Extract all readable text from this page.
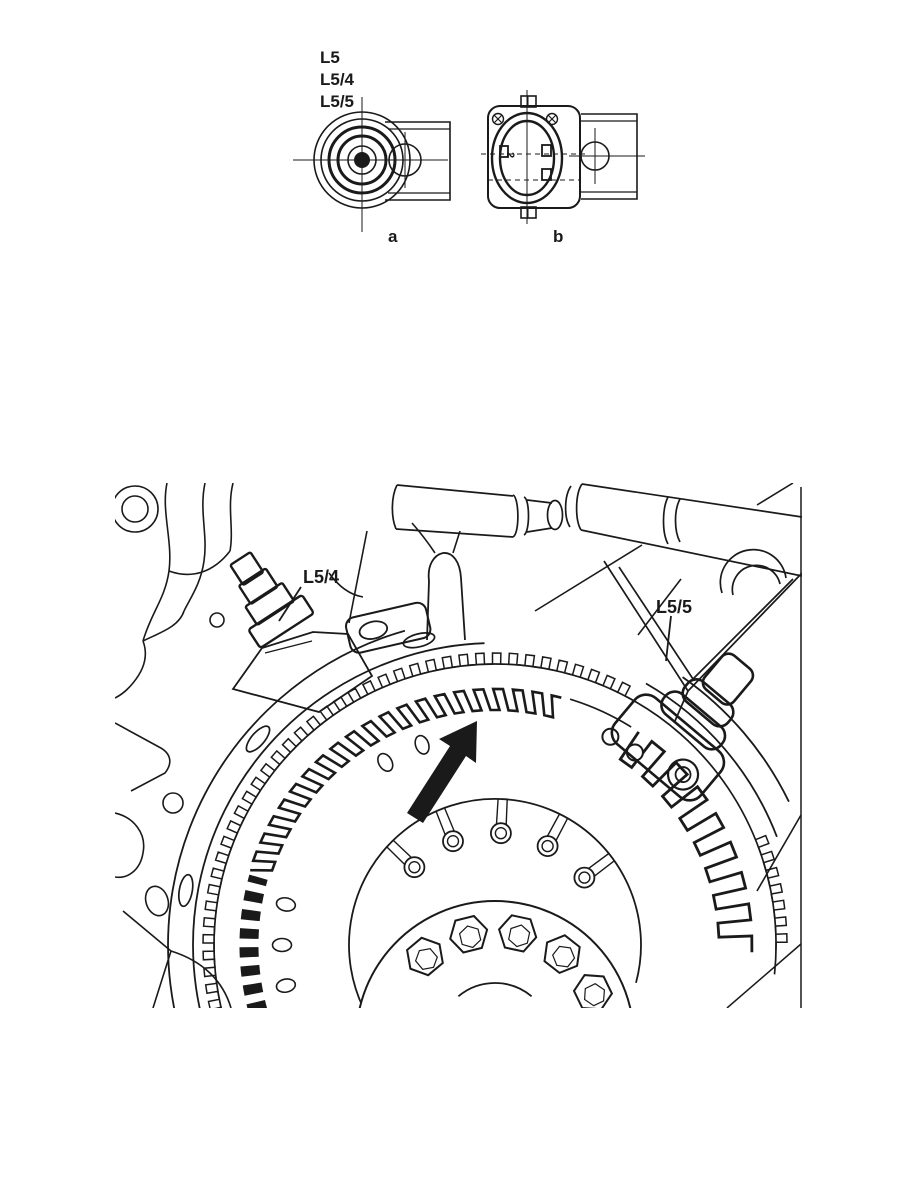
L5
L5/4
L5/5
a
2
b
L5/4
L5/5
